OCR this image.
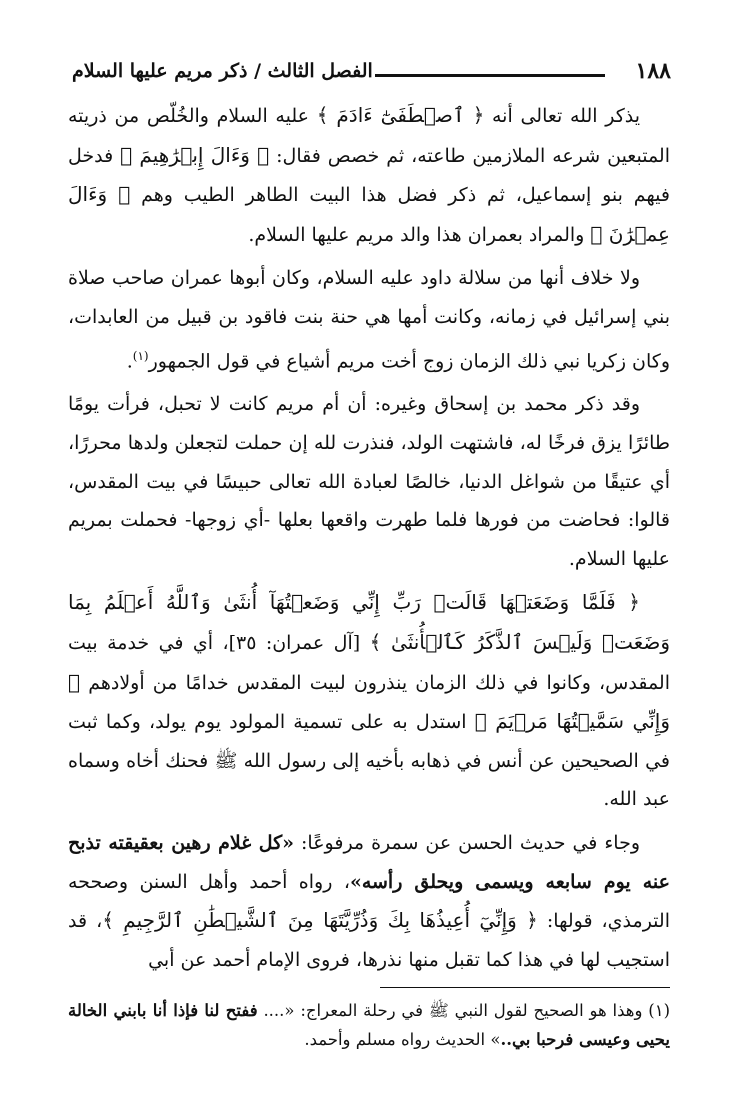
الفصل الثالث / ذكر مريم عليها السلام	١٨٨

يذكر الله تعالى أنه ﴿ ٱصۡطَفَىٰٓ ءَادَمَ ﴾ عليه السلام والخُلّص من ذريته المتبعين شرعه الملازمين طاعته، ثم خصص فقال: ﴿ وَءَالَ إِبۡرَٰهِيمَ ﴾ فدخل فيهم بنو إسماعيل، ثم ذكر فضل هذا البيت الطاهر الطيب وهم ﴿ وَءَالَ عِمۡرَٰنَ ﴾ والمراد بعمران هذا والد مريم عليها السلام.

ولا خلاف أنها من سلالة داود عليه السلام، وكان أبوها عمران صاحب صلاة بني إسرائيل في زمانه، وكانت أمها هي حنة بنت فاقود بن قبيل من العابدات، وكان زكريا نبي ذلك الزمان زوج أخت مريم أشياع في قول الجمهور$^{(١)}$.

وقد ذكر محمد بن إسحاق وغيره: أن أم مريم كانت لا تحبل، فرأت يومًا طائرًا يزق فرخًا له، فاشتهت الولد، فنذرت لله إن حملت لتجعلن ولدها محررًا، أي عتيقًا من شواغل الدنيا، خالصًا لعبادة الله تعالى حبيسًا في بيت المقدس، قالوا: فحاضت من فورها فلما طهرت واقعها بعلها -أي زوجها- فحملت بمريم عليها السلام.

﴿ فَلَمَّا وَضَعَتۡهَا قَالَتۡ رَبِّ إِنِّي وَضَعۡتُهَآ أُنثَىٰ وَٱللَّهُ أَعۡلَمُ بِمَا وَضَعَتۡ وَلَيۡسَ ٱلذَّكَرُ كَٱلۡأُنثَىٰ ﴾ [آل عمران: ٣٥]، أي في خدمة بيت المقدس، وكانوا في ذلك الزمان ينذرون لبيت المقدس خدامًا من أولادهم ﴿ وَإِنِّي سَمَّيۡتُهَا مَرۡيَمَ ﴾ استدل به على تسمية المولود يوم يولد، وكما ثبت في الصحيحين عن أنس في ذهابه بأخيه إلى رسول الله ﷺ فحنك أخاه وسماه عبد الله.

وجاء في حديث الحسن عن سمرة مرفوعًا: «كل غلام رهين بعقيقته تذبح عنه يوم سابعه ويسمى ويحلق رأسه»، رواه أحمد وأهل السنن وصححه الترمذي، قولها: ﴿ وَإِنِّيٓ أُعِيذُهَا بِكَ وَذُرِّيَّتَهَا مِنَ ٱلشَّيۡطَٰنِ ٱلرَّجِيمِ ﴾، قد استجيب لها في هذا كما تقبل منها نذرها، فروى الإمام أحمد عن أبي

(١) وهذا هو الصحيح لقول النبي ﷺ في رحلة المعراج: «.... ففتح لنا فإذا أنا بابني الخالة يحيى وعيسى فرحبا بي..» الحديث رواه مسلم وأحمد.
